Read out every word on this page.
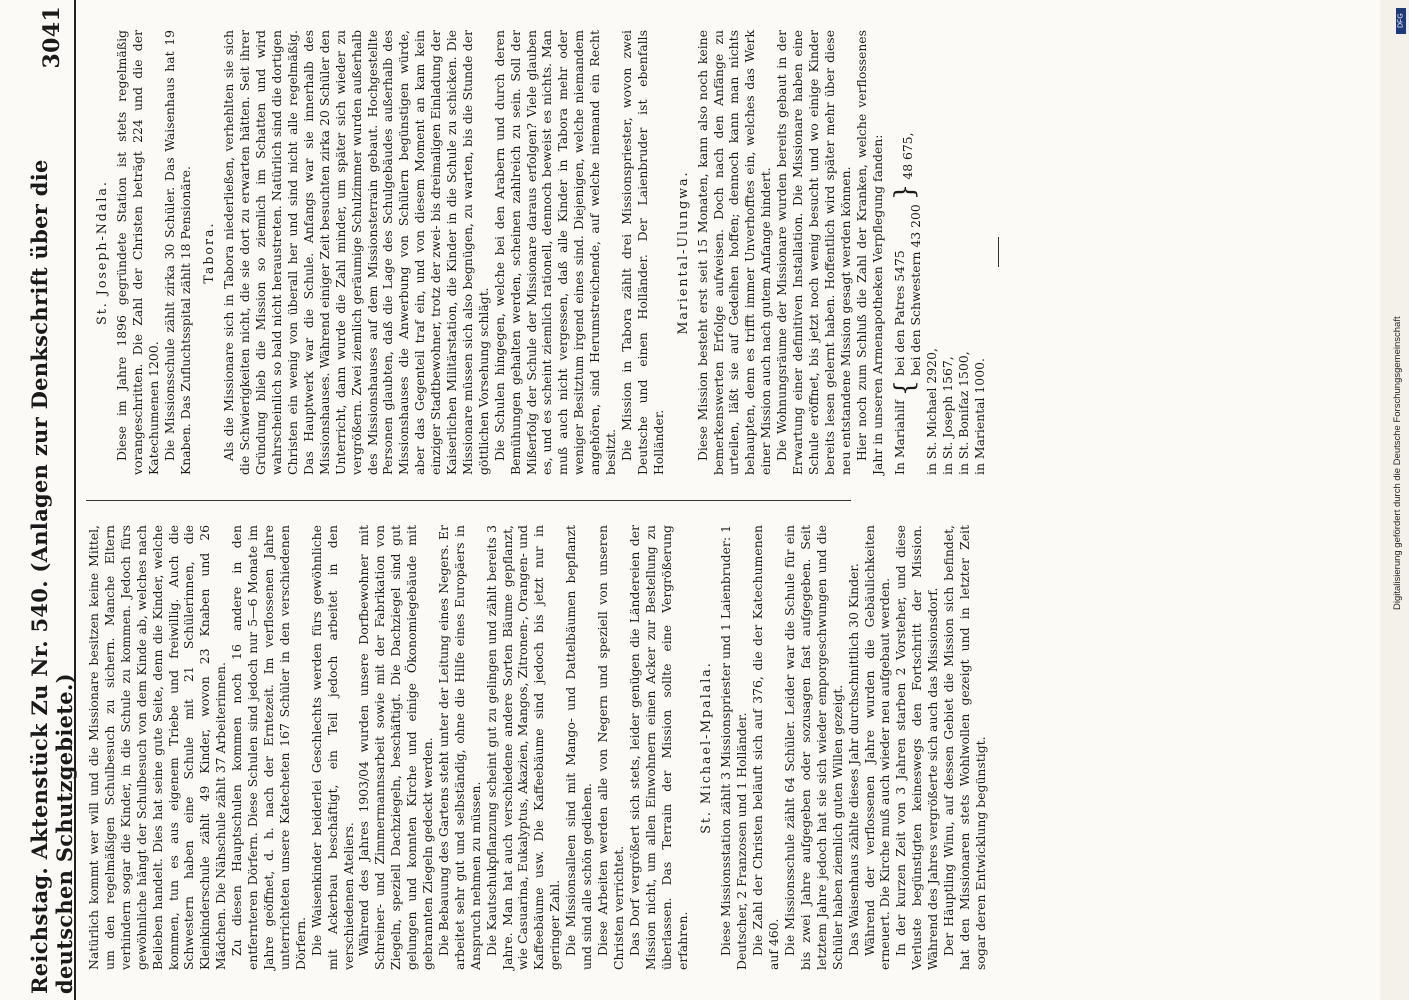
Reichstag. Aktenstück Zu Nr. 540. (Anlagen zur Denkschrift über die deutschen Schutzgebiete.)
3041

Natürlich kommt wer will und die Missionare besitzen keine Mittel, um den regelmäßigen Schulbesuch zu sichern. Manche Eltern verhindern sogar die Kinder, in die Schule zu kommen. Jedoch fürs gewöhnliche hängt der Schulbesuch von dem Kinde ab, welches nach Belieben handelt. Dies hat seine gute Seite, denn die Kinder, welche kommen, tun es aus eigenem Triebe und freiwillig. Auch die Schwestern haben eine Schule mit 21 Schülerinnen, die Kleinkinderschule zählt 49 Kinder, wovon 23 Knaben und 26 Mädchen. Die Nähschule zählt 37 Arbeiterinnen. Zu diesen Hauptschulen kommen noch 16 andere in den entfernteren Dörfern. Diese Schulen sind jedoch nur 5—6 Monate im Jahre geöffnet, d. h. nach der Erntezeit. Im verflossenen Jahre unterrichteten unsere Katecheten 167 Schüler in den verschiedenen Dörfern. Die Waisenkinder beiderlei Geschlechts werden fürs gewöhnliche mit Ackerbau beschäftigt, ein Teil jedoch arbeitet in den verschiedenen Ateliers. Während des Jahres 1903/04 wurden unsere Dorfbewohner mit Schreiner- und Zimmermannsarbeit sowie mit der Fabrikation von Ziegeln, speziell Dachziegeln, beschäftigt. Die Dachziegel sind gut gelungen und konnten Kirche und einige Ökonomiegebäude mit gebrannten Ziegeln gedeckt werden. Die Bebauung des Gartens steht unter der Leitung eines Negers. Er arbeitet sehr gut und selbständig, ohne die Hilfe eines Europäers in Anspruch nehmen zu müssen. Die Kautschukpflanzung scheint gut zu gelingen und zählt bereits 3 Jahre. Man hat auch verschiedene andere Sorten Bäume gepflanzt, wie Casuarina, Eukalyptus, Akazien, Mangos, Zitronen-, Orangen- und Kaffeebäume usw. Die Kaffeebäume sind jedoch bis jetzt nur in geringer Zahl. Die Missionsalleen sind mit Mango- und Dattelbäumen bepflanzt und sind alle schön gediehen. Diese Arbeiten werden alle von Negern und speziell von unseren Christen verrichtet. Das Dorf vergrößert sich stets, leider genügen die Ländereien der Mission nicht, um allen Einwohnern einen Acker zur Bestellung zu überlassen. Das Terrain der Mission sollte eine Vergrößerung erfahren.

St. Michael-Mpalala. Diese Missionsstation zählt 3 Missionspriester und 1 Laienbruder: 1 Deutscher, 2 Franzosen und 1 Holländer. Die Zahl der Christen beläuft sich auf 376, die der Katechumenen auf 460. Die Missionsschule zählt 64 Schüler. Leider war die Schule für ein bis zwei Jahre aufgegeben oder sozusagen fast aufgegeben. Seit letztem Jahre jedoch hat sie sich wieder emporgeschwungen und die Schüler haben ziemlich guten Willen gezeigt. Das Waisenhaus zählte dieses Jahr durchschnittlich 30 Kinder. Während der verflossenen Jahre wurden die Gebäulichkeiten erneuert. Die Kirche muß auch wieder neu aufgebaut werden. In der kurzen Zeit von 3 Jahren starben 2 Vorsteher, und diese Verluste begünstigten keineswegs den Fortschritt der Mission. Während des Jahres vergrößerte sich auch das Missionsdorf. Der Häuptling Winu, auf dessen Gebiet die Mission sich befindet, hat den Missionaren stets Wohlwollen gezeigt und in letzter Zeit sogar deren Entwicklung begünstigt.

St. Joseph-Ndala. Diese im Jahre 1896 gegründete Station ist stets regelmäßig vorangeschritten. Die Zahl der Christen beträgt 224 und die der Katechumenen 1200. Die Missionsschule zählt zirka 30 Schüler. Das Waisenhaus hat 19 Knaben. Das Zufluchtsspital zählt 18 Pensionäre. Tabora. Als die Missionare sich in Tabora niederließen, verhehlten sie sich die Schwierigkeiten nicht, die sie dort zu erwarten hätten. Seit ihrer Gründung blieb die Mission so ziemlich im Schatten und wird wahrscheinlich so bald nicht heraustreten. Natürlich sind die dortigen Christen ein wenig von überall her und sind nicht alle regelmäßig. Das Hauptwerk war die Schule. Anfangs war sie innerhalb des Missionshauses. Während einiger Zeit besuchten zirka 20 Schüler den Unterricht, dann wurde die Zahl minder, um später sich wieder zu vergrößern. Zwei ziemlich geräumige Schulzimmer wurden außerhalb des Missionshauses auf dem Missionsterrain gebaut. Hochgestellte Personen glaubten, daß die Lage des Schulgebäudes außerhalb des Missionshauses die Anwerbung von Schülern begünstigen würde, aber das Gegenteil traf ein, und von diesem Moment an kam kein einziger Stadtbewohner, trotz der zwei- bis dreimaligen Einladung der Kaiserlichen Militärstation, die Kinder in die Schule zu schicken. Die Missionare müssen sich also begnügen, zu warten, bis die Stunde der göttlichen Vorsehung schlägt. Die Schulen hingegen, welche bei den Arabern und durch deren Bemühungen gehalten werden, scheinen zahlreich zu sein. Soll der Mißerfolg der Schule der Missionare daraus erfolgen? Viele glauben es, und es scheint ziemlich rationell, dennoch beweist es nichts. Man muß auch nicht vergessen, daß alle Kinder in Tabora mehr oder weniger Besitztum irgend eines sind. Diejenigen, welche niemandem angehören, sind Herumstreichende, auf welche niemand ein Recht besitzt. Die Mission in Tabora zählt drei Missionspriester, wovon zwei Deutsche und einen Holländer. Der Laienbruder ist ebenfalls Holländer.

Mariental-Ulungwa. Diese Mission besteht erst seit 15 Monaten, kann also noch keine bemerkenswerten Erfolge aufweisen. Doch nach den Anfänge zu urteilen, läßt sie auf Gedeihen hoffen; dennoch kann man nichts behaupten, denn es trifft immer Unverhofftes ein, welches das Werk einer Mission auch nach gutem Anfange hindert. Die Wohnungsräume der Missionare wurden bereits gebaut in der Erwartung einer definitiven Installation. Die Missionare haben eine Schule eröffnet, bis jetzt noch wenig besucht und wo einige Kinder bereits lesen gelernt haben. Hoffentlich wird später mehr über diese neu entstandene Mission gesagt werden können. Hier noch zum Schluß die Zahl der Kranken, welche verflossenes Jahr in unseren Armenapotheken Verpflegung fanden: In Mariahilf
{
bei den Patres 5475 bei den Schwestern 43 200
}
48 675,
in St. Michael 2920, in St. Joseph 1567, in St. Bonifaz 1500, in Mariental 1000.	Digitalisierung gefördert durch die Deutsche Forschungsgemeinschaft
DFG
